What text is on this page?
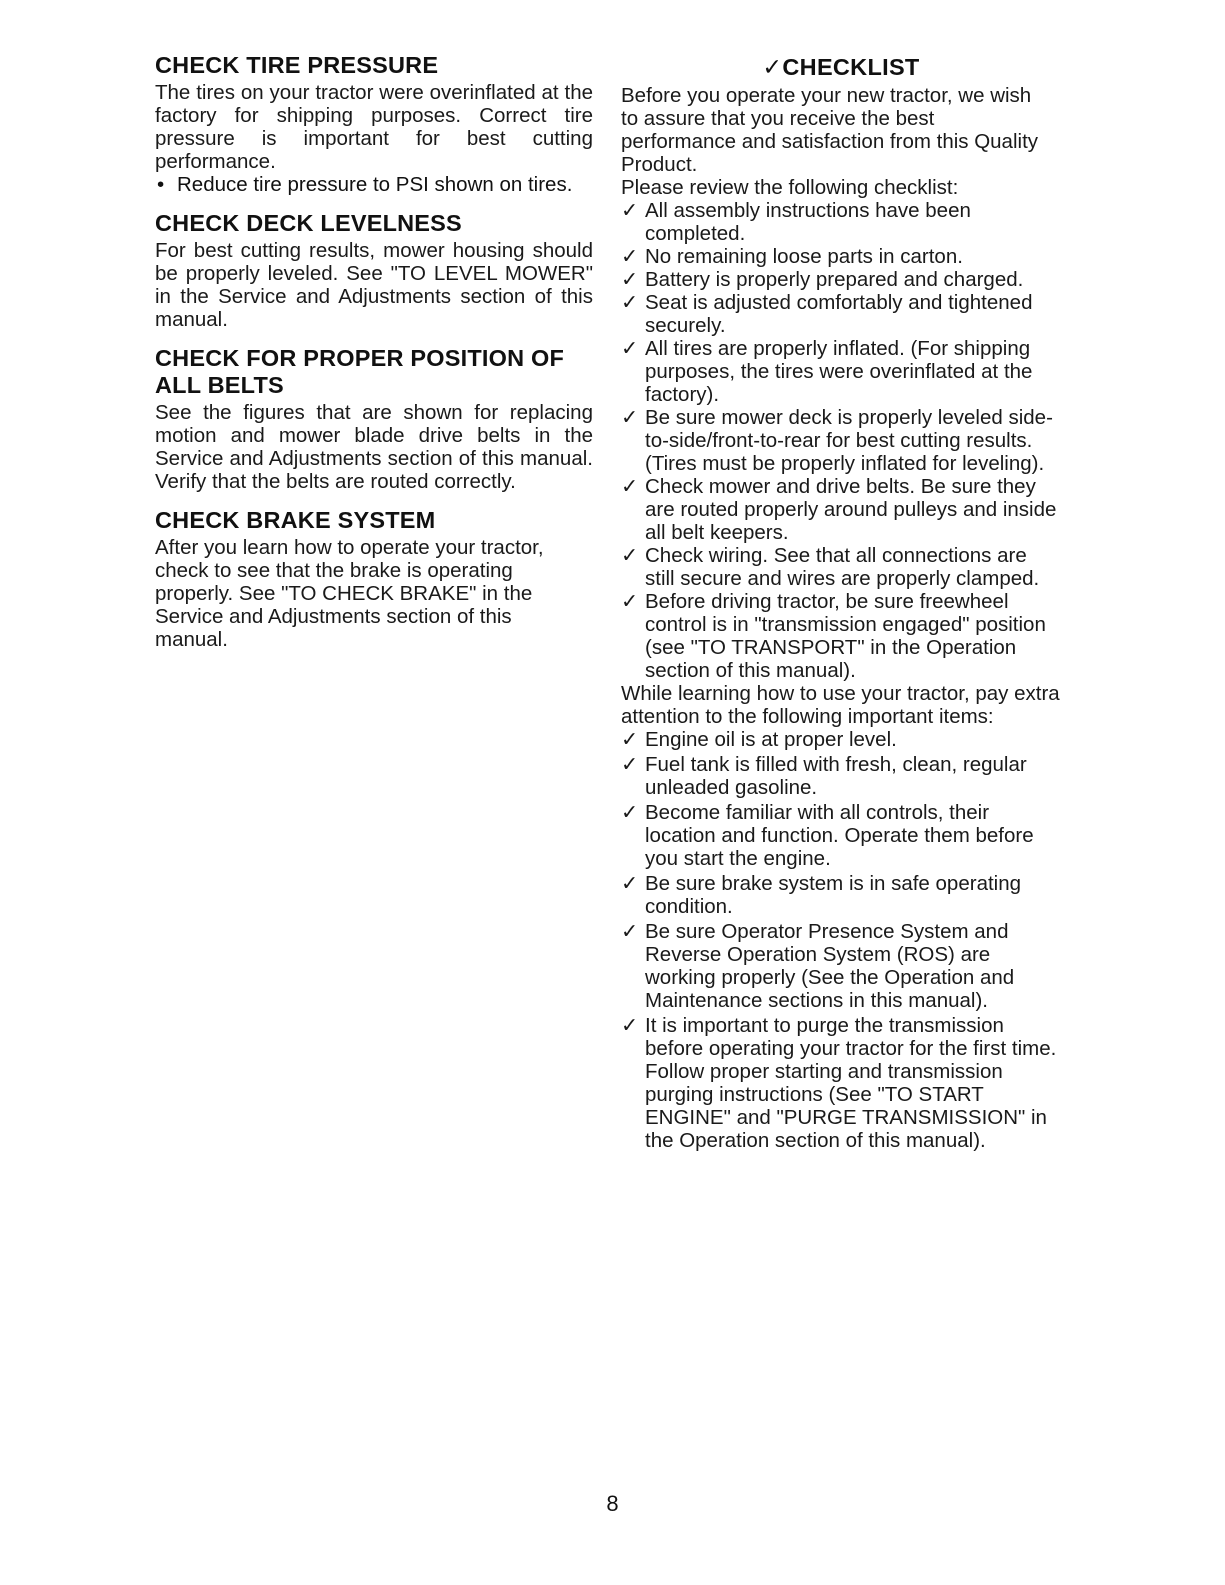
CHECK TIRE PRESSURE

The tires on your tractor were overinflated at the factory for shipping purposes. Correct tire pressure is important for best cutting performance.

• Reduce tire pressure to PSI shown on tires.
CHECK DECK LEVELNESS

For best cutting results, mower housing should be properly leveled. See "TO LEVEL MOWER" in the Service and Adjustments section of this manual.

CHECK FOR PROPER POSITION OF ALL BELTS

See the figures that are shown for replacing motion and mower blade drive belts in the Service and Adjustments section of this manual. Verify that the belts are routed correctly.

CHECK BRAKE SYSTEM

After you learn how to operate your tractor, check to see that the brake is operating properly. See "TO CHECK BRAKE" in the Service and Adjustments section of this manual.

✓CHECKLIST

Before you operate your new tractor, we wish to assure that you receive the best performance and satisfaction from this Quality Product.

Please review the following checklist:

✓ All assembly instructions have been completed.
✓ No remaining loose parts in carton.
✓ Battery is properly prepared and charged.
✓ Seat is adjusted comfortably and tightened securely.
✓ All tires are properly inflated. (For shipping purposes, the tires were overinflated at the factory).
✓ Be sure mower deck is properly leveled side-to-side/front-to-rear for best cutting results. (Tires must be properly inflated for leveling).
✓ Check mower and drive belts. Be sure they are routed properly around pulleys and inside all belt keepers.
✓ Check wiring. See that all connections are still secure and wires are properly clamped.
✓ Before driving tractor, be sure freewheel control is in "transmission engaged" position (see "TO TRANSPORT" in the Operation section of this manual).

While learning how to use your tractor, pay extra attention to the following important items:

✓ Engine oil is at proper level.
✓ Fuel tank is filled with fresh, clean, regular unleaded gasoline.
✓ Become familiar with all controls, their location and function. Operate them before you start the engine.
✓ Be sure brake system is in safe operating condition.
✓ Be sure Operator Presence System and Reverse Operation System (ROS) are working properly (See the Operation and Maintenance sections in this manual).
✓ It is important to purge the transmission before operating your tractor for the first time. Follow proper starting and transmission purging instructions (See "TO START ENGINE" and "PURGE TRANSMISSION" in the Operation section of this manual).
8
